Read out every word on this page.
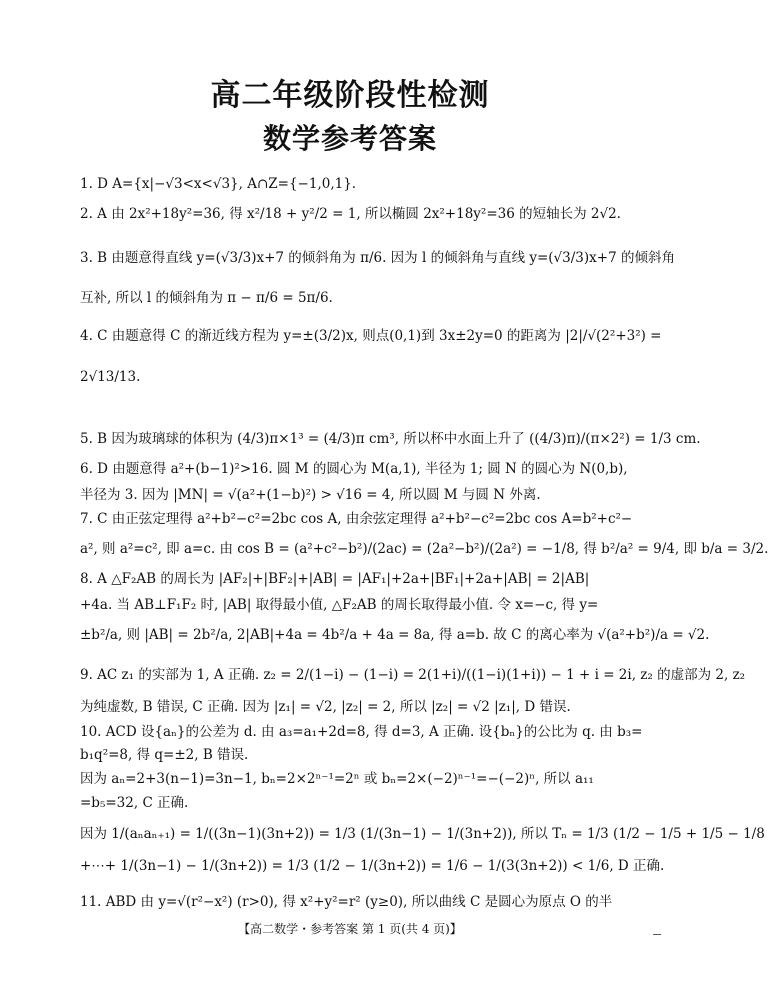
高二年级阶段性检测
数学参考答案
1. D A={x|−√3<x<√3}, A∩Z={−1,0,1}.
2. A 由 2x²+18y²=36, 得 x²/18 + y²/2 = 1, 所以椭圆 2x²+18y²=36 的短轴长为 2√2.
3. B 由题意得直线 y=(√3/3)x+7 的倾斜角为 π/6. 因为 l 的倾斜角与直线 y=(√3/3)x+7 的倾斜角
互补, 所以 l 的倾斜角为 π − π/6 = 5π/6.
4. C 由题意得 C 的渐近线方程为 y=±(3/2)x, 则点(0,1)到 3x±2y=0 的距离为 |2|/√(2²+3²) =
2√13/13.
5. B 因为玻璃球的体积为 (4/3)π×1³ = (4/3)π cm³, 所以杯中水面上升了 ((4/3)π)/(π×2²) = 1/3 cm.
6. D 由题意得 a²+(b−1)²>16. 圆 M 的圆心为 M(a,1), 半径为 1; 圆 N 的圆心为 N(0,b),
半径为 3. 因为 |MN| = √(a²+(1−b)²) > √16 = 4, 所以圆 M 与圆 N 外离.
7. C 由正弦定理得 a²+b²−c²=2bc cos A, 由余弦定理得 a²+b²−c²=2bc cos A=b²+c²−
a², 则 a²=c², 即 a=c. 由 cos B = (a²+c²−b²)/(2ac) = (2a²−b²)/(2a²) = −1/8, 得 b²/a² = 9/4, 即 b/a = 3/2.
8. A △F₂AB 的周长为 |AF₂|+|BF₂|+|AB| = |AF₁|+2a+|BF₁|+2a+|AB| = 2|AB|
+4a. 当 AB⊥F₁F₂ 时, |AB| 取得最小值, △F₂AB 的周长取得最小值. 令 x=−c, 得 y=
±b²/a, 则 |AB| = 2b²/a, 2|AB|+4a = 4b²/a + 4a = 8a, 得 a=b. 故 C 的离心率为 √(a²+b²)/a = √2.
9. AC z₁ 的实部为 1, A 正确. z₂ = 2/(1−i) − (1−i) = 2(1+i)/((1−i)(1+i)) − 1 + i = 2i, z₂ 的虚部为 2, z₂
为纯虚数, B 错误, C 正确. 因为 |z₁| = √2, |z₂| = 2, 所以 |z₂| = √2 |z₁|, D 错误.
10. ACD 设{aₙ}的公差为 d. 由 a₃=a₁+2d=8, 得 d=3, A 正确. 设{bₙ}的公比为 q. 由 b₃=
b₁q²=8, 得 q=±2, B 错误.
因为 aₙ=2+3(n−1)=3n−1, bₙ=2×2ⁿ⁻¹=2ⁿ 或 bₙ=2×(−2)ⁿ⁻¹=−(−2)ⁿ, 所以 a₁₁
=b₅=32, C 正确.
因为 1/(aₙaₙ₊₁) = 1/((3n−1)(3n+2)) = 1/3 (1/(3n−1) − 1/(3n+2)), 所以 Tₙ = 1/3 (1/2 − 1/5 + 1/5 − 1/8
+⋯+ 1/(3n−1) − 1/(3n+2)) = 1/3 (1/2 − 1/(3n+2)) = 1/6 − 1/(3(3n+2)) < 1/6, D 正确.
11. ABD 由 y=√(r²−x²) (r>0), 得 x²+y²=r² (y≥0), 所以曲线 C 是圆心为原点 O 的半
【高二数学・参考答案 第 1 页(共 4 页)】
